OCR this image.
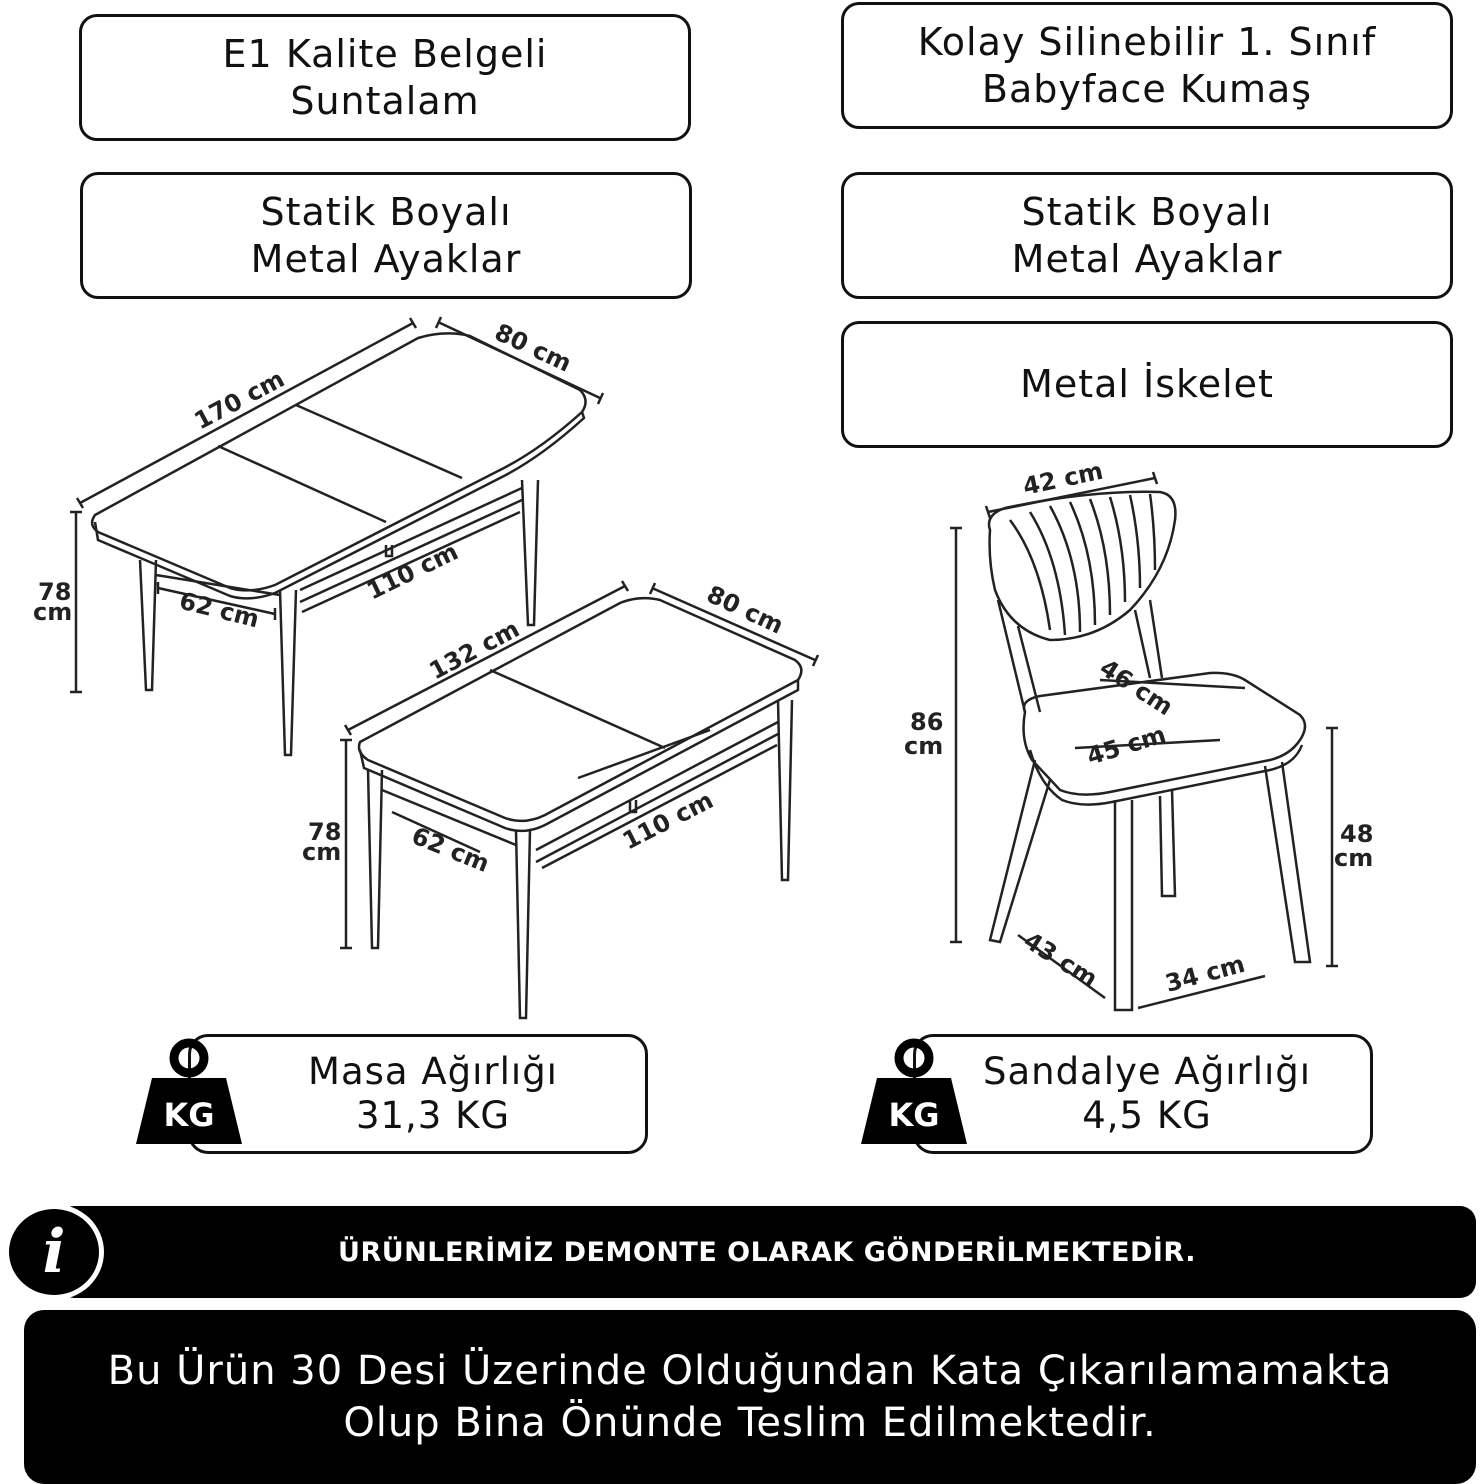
E1 Kalite Belgeli
Suntalam
Statik Boyalı
Metal Ayaklar
Kolay Silinebilir 1. Sınıf
Babyface Kumaş
Statik Boyalı
Metal Ayaklar
Metal İskelet
170 cm
80 cm
110 cm
62 cm
78
cm
132 cm
80 cm
110 cm
62 cm
78
cm
42 cm
46 cm
45 cm
86
cm
48
cm
43 cm 34 cm
Masa Ağırlığı
31,3 KG
KG
Sandalye Ağırlığı
4,5 KG
KG
ÜRÜNLERİMİZ DEMONTE OLARAK GÖNDERİLMEKTEDİR.
i
Bu Ürün 30 Desi Üzerinde Olduğundan Kata Çıkarılamamakta
Olup Bina Önünde Teslim Edilmektedir.
